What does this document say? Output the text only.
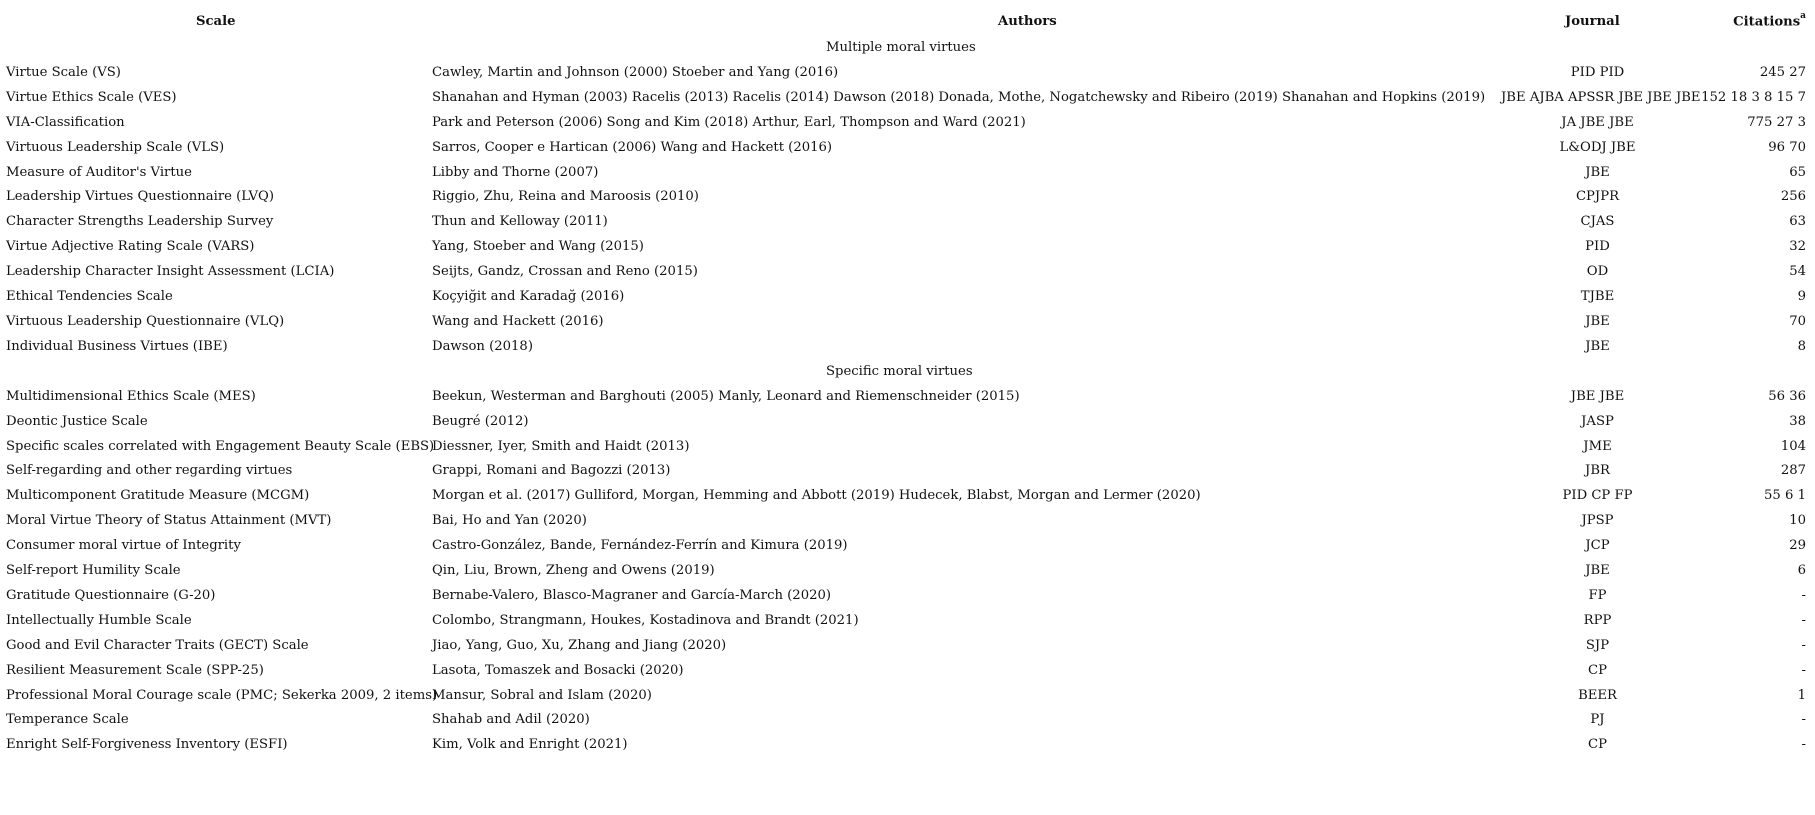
Scale	Authors	Journal	Citations$^a$
Multiple moral virtues			
Virtue Scale (VS)	Cawley, Martin and Johnson (2000) Stoeber and Yang (2016)	PID PID	245 27
Virtue Ethics Scale (VES)	Shanahan and Hyman (2003) Racelis (2013) Racelis (2014) Dawson (2018) Donada, Mothe, Nogatchewsky and Ribeiro (2019) Shanahan and Hopkins (2019)	JBE AJBA APSSR JBE JBE JBE	152 18 3 8 15 7
VIA-Classification	Park and Peterson (2006) Song and Kim (2018) Arthur, Earl, Thompson and Ward (2021)	JA JBE JBE	775 27 3
Virtuous Leadership Scale (VLS)	Sarros, Cooper e Hartican (2006) Wang and Hackett (2016)	L&ODJ JBE	96 70
Measure of Auditor's Virtue	Libby and Thorne (2007)	JBE	65
Leadership Virtues Questionnaire (LVQ)	Riggio, Zhu, Reina and Maroosis (2010)	CPJPR	256
Character Strengths Leadership Survey	Thun and Kelloway (2011)	CJAS	63
Virtue Adjective Rating Scale (VARS)	Yang, Stoeber and Wang (2015)	PID	32
Leadership Character Insight Assessment (LCIA)	Seijts, Gandz, Crossan and Reno (2015)	OD	54
Ethical Tendencies Scale	Koçyiğit and Karadağ (2016)	TJBE	9
Virtuous Leadership Questionnaire (VLQ)	Wang and Hackett (2016)	JBE	70
Individual Business Virtues (IBE)	Dawson (2018)	JBE	8
Specific moral virtues			
Multidimensional Ethics Scale (MES)	Beekun, Westerman and Barghouti (2005) Manly, Leonard and Riemenschneider (2015)	JBE JBE	56 36
Deontic Justice Scale	Beugré (2012)	JASP	38
Specific scales correlated with Engagement Beauty Scale (EBS)	Diessner, Iyer, Smith and Haidt (2013)	JME	104
Self-regarding and other regarding virtues	Grappi, Romani and Bagozzi (2013)	JBR	287
Multicomponent Gratitude Measure (MCGM)	Morgan et al. (2017) Gulliford, Morgan, Hemming and Abbott (2019) Hudecek, Blabst, Morgan and Lermer (2020)	PID CP FP	55 6 1
Moral Virtue Theory of Status Attainment (MVT)	Bai, Ho and Yan (2020)	JPSP	10
Consumer moral virtue of Integrity	Castro-González, Bande, Fernández-Ferrín and Kimura (2019)	JCP	29
Self-report Humility Scale	Qin, Liu, Brown, Zheng and Owens (2019)	JBE	6
Gratitude Questionnaire (G-20)	Bernabe-Valero, Blasco-Magraner and García-March (2020)	FP	-
Intellectually Humble Scale	Colombo, Strangmann, Houkes, Kostadinova and Brandt (2021)	RPP	-
Good and Evil Character Traits (GECT) Scale	Jiao, Yang, Guo, Xu, Zhang and Jiang (2020)	SJP	-
Resilient Measurement Scale (SPP-25)	Lasota, Tomaszek and Bosacki (2020)	CP	-
Professional Moral Courage scale (PMC; Sekerka 2009, 2 items)	Mansur, Sobral and Islam (2020)	BEER	1
Temperance Scale	Shahab and Adil (2020)	PJ	-
Enright Self-Forgiveness Inventory (ESFI)	Kim, Volk and Enright (2021)	CP	-
